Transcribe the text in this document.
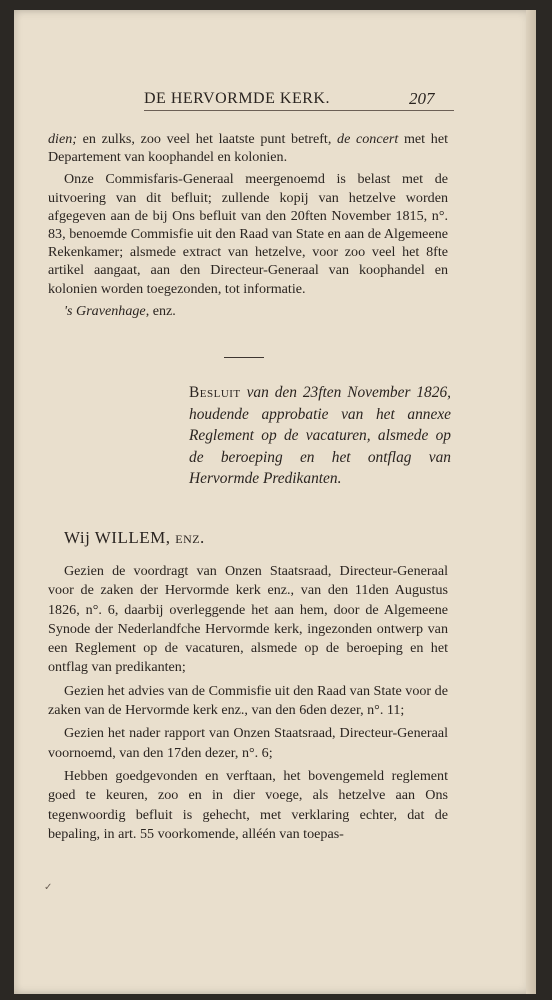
DE HERVORMDE KERK.	207

dien; en zulks, zoo veel het laatste punt betreft, de concert met het Departement van koophandel en kolonien.

Onze Commisfaris-Generaal meergenoemd is belast met de uitvoering van dit befluit; zullende kopij van hetzelve worden afgegeven aan de bij Ons befluit van den 20ften November 1815, n°. 83, benoemde Commisfie uit den Raad van State en aan de Algemeene Rekenkamer; alsmede extract van hetzelve, voor zoo veel het 8fte artikel aangaat, aan den Directeur-Generaal van koophandel en kolonien worden toegezonden, tot informatie.

's Gravenhage, enz.
Besluit van den 23ften November 1826, houdende approbatie van het annexe Reglement op de vacaturen, alsmede op de beroeping en het ontflag van Hervormde Predikanten.
Wij WILLEM, enz.

Gezien de voordragt van Onzen Staatsraad, Directeur-Generaal voor de zaken der Hervormde kerk enz., van den 11den Augustus 1826, n°. 6, daarbij overleggende het aan hem, door de Algemeene Synode der Nederlandfche Hervormde kerk, ingezonden ontwerp van een Reglement op de vacaturen, alsmede op de beroeping en het ontflag van predikanten;

Gezien het advies van de Commisfie uit den Raad van State voor de zaken van de Hervormde kerk enz., van den 6den dezer, n°. 11;

Gezien het nader rapport van Onzen Staatsraad, Directeur-Generaal voornoemd, van den 17den dezer, n°. 6;

Hebben goedgevonden en verftaan, het bovengemeld reglement goed te keuren, zoo en in dier voege, als hetzelve aan Ons tegenwoordig befluit is gehecht, met verklaring echter, dat de bepaling, in art. 55 voorkomende, alléén van toepas-

✓
